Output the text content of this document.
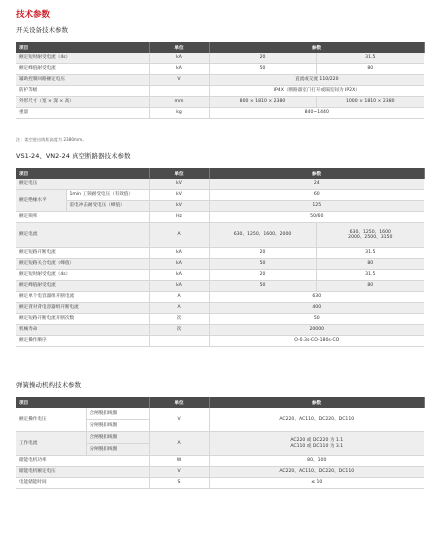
技术参数
开关设备技术参数
项目	单位	参数	
额定短时耐受电流（4s）	kA	20	31.5
额定峰值耐受电流	kA	50	80
辅助控制回路额定电压	V	直流或交流 110/220	
防护等级		IP4X（断路器室门打开或隔室间为 IP2X）	
外形尺寸（宽 × 深 × 高）	mm	800 × 1810 × 2380	1000 × 1810 × 2380
重量	kg	840~1440	
注：架空进出线柜高度为 2380mm。
VS1-24、VN2-24 真空断路器技术参数
项目		单位	参数	
额定电压		kV	24	
额定绝缘水平	1min 工频耐受电压（有效值）	kV	60	
	雷电冲击耐受电压（峰值）	kV	125	
额定频率		Hz	50/60	
额定电流		A	630、1250、1600、2000	630、1250、1600
2000、2500、3150
额定短路开断电流		kA	20	31.5
额定短路关合电流（峰值）		kA	50	80
额定短时耐受电流（4s）		kA	20	31.5
额定峰值耐受电流		kA	50	80
额定单个电容器组开断电流		A	630	
额定背对背电容器组开断电流		A	400	
额定短路开断电流开断次数		次	50	
机械寿命		次	20000	
额定操作顺序			O-0.3s-CO-180s-CO	
弹簧操动机构技术参数
项目		单位	参数
额定操作电压	合闸脱扣线圈	V	AC220、AC110、DC220、DC110
	分闸脱扣线圈		
工作电流	合闸脱扣线圈	A	AC220 或 DC220 为 1.1
AC110 或 DC110 为 3.1
	分闸脱扣线圈		
储能电机功率		W	80、100
储能电机额定电压		V	AC220、AC110、DC220、DC110
电能储能时间		S	≤ 10
